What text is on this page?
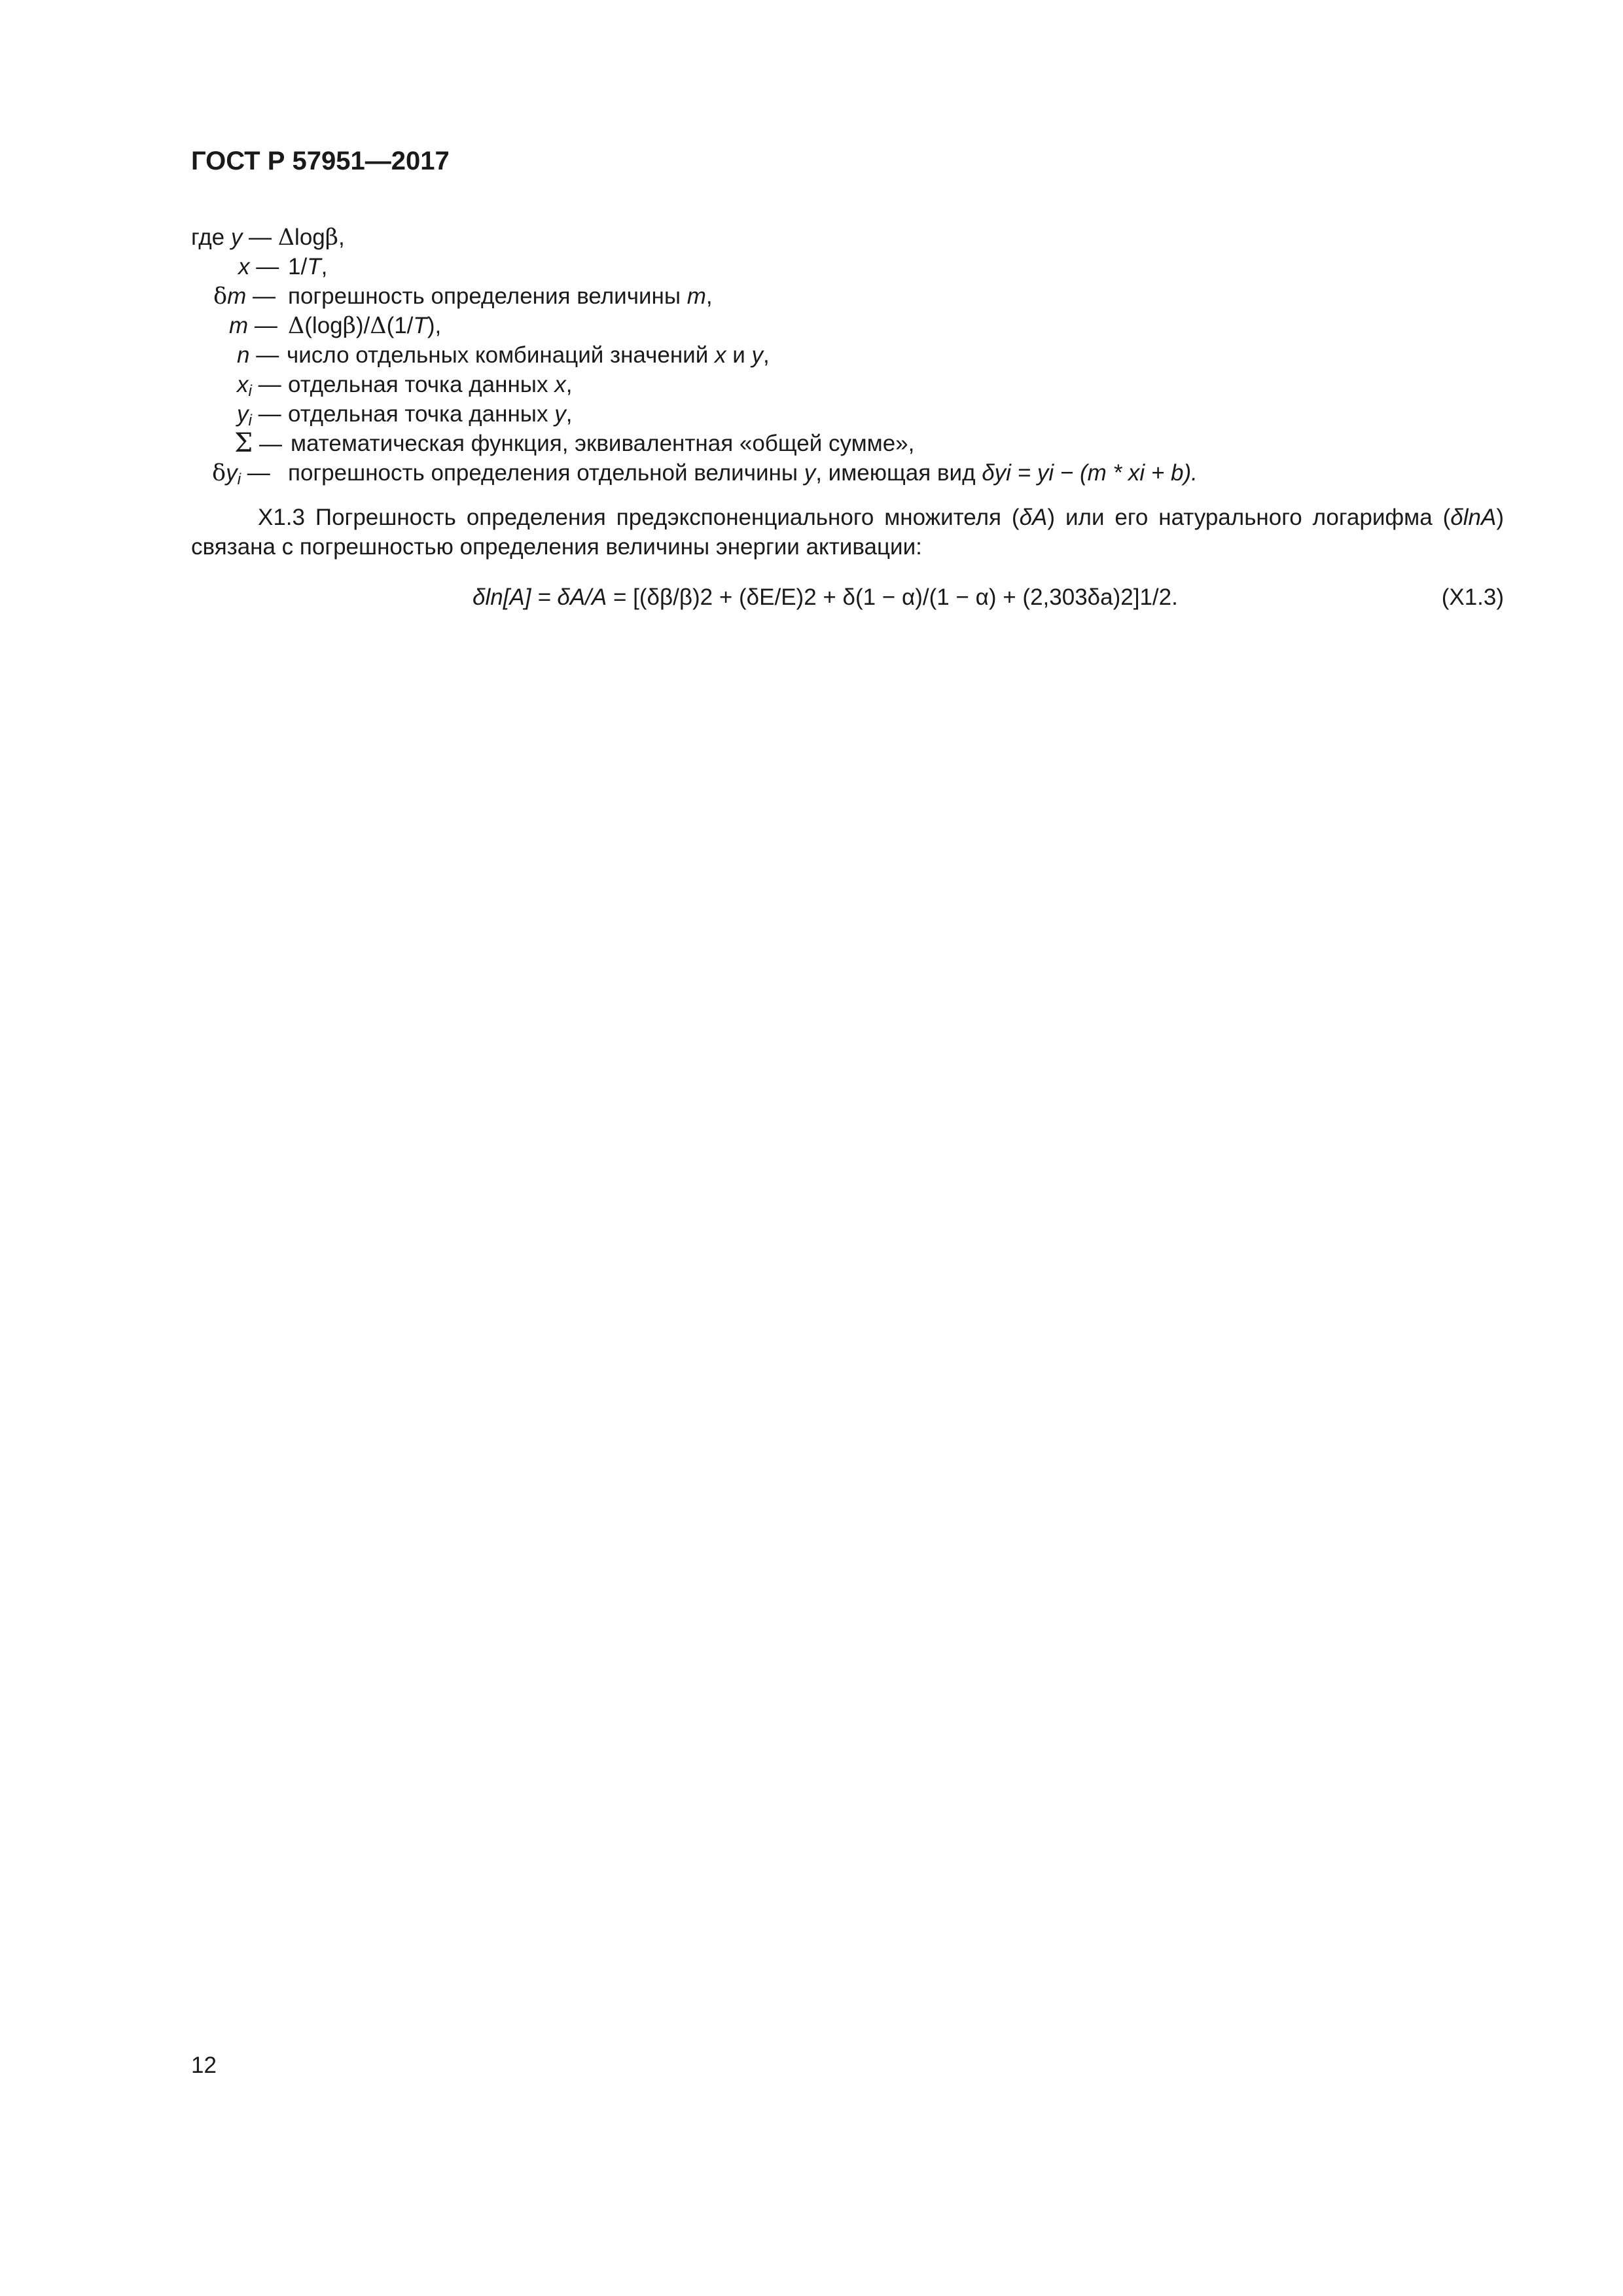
ГОСТ Р 57951—2017
где y — Δlogβ,
x — 1/T,
δm — погрешность определения величины m,
m — Δ(logβ)/Δ(1/T),
n — число отдельных комбинаций значений x и y,
$x_i$ — отдельная точка данных x,
$y_i$ — отдельная точка данных y,
Σ — математическая функция, эквивалентная «общей сумме»,
$\delta y_i$ — погрешность определения отдельной величины y, имеющая вид δyi = yi − (m * xi + b).

X1.3 Погрешность определения предэкспоненциального множителя (δA) или его натурального логарифма (δlnA) связана с погрешностью определения величины энергии активации:

δln[A] = δA/A = [(δβ/β)2 + (δE/E)2 + δ(1 − α)/(1 − α) + (2,303δa)2]1/2.	(X1.3)
12
